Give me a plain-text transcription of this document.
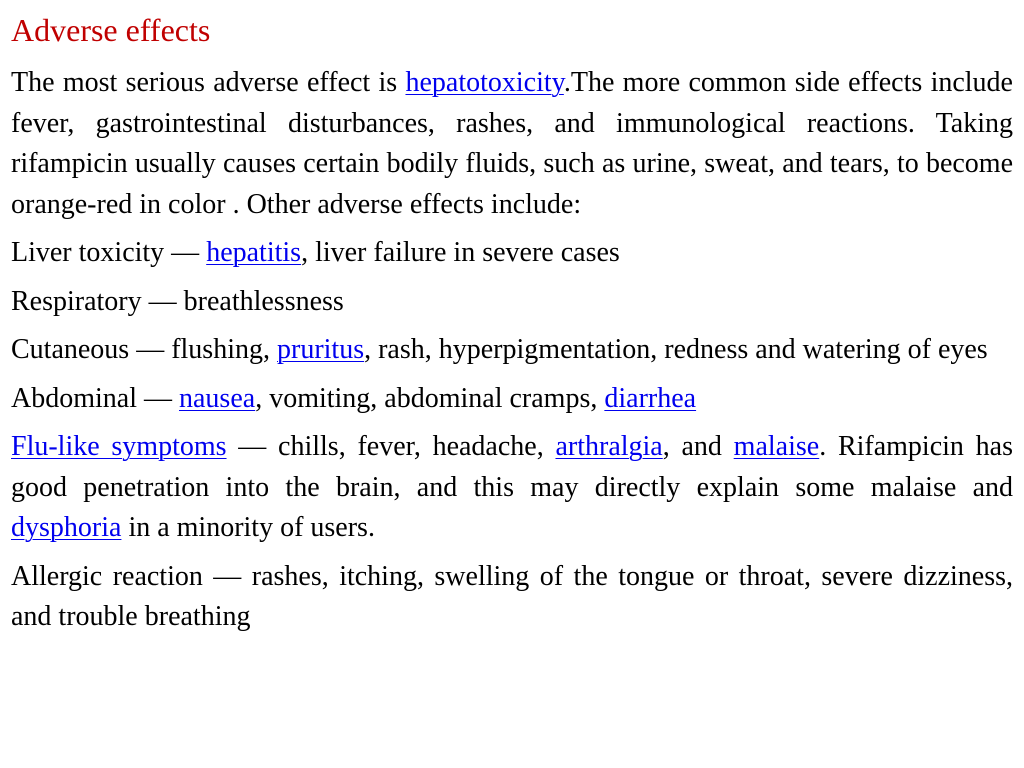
Adverse effects

The most serious adverse effect is hepatotoxicity.The more common side effects include fever, gastrointestinal disturbances, rashes, and immunological reactions. Taking rifampicin usually causes certain bodily fluids, such as urine, sweat, and tears, to become orange-red in color . Other adverse effects include:

Liver toxicity — hepatitis, liver failure in severe cases

Respiratory — breathlessness

Cutaneous — flushing, pruritus, rash, hyperpigmentation, redness and watering of eyes

Abdominal — nausea, vomiting, abdominal cramps, diarrhea

Flu-like symptoms — chills, fever, headache, arthralgia, and malaise. Rifampicin has good penetration into the brain, and this may directly explain some malaise and dysphoria in a minority of users.

Allergic reaction — rashes, itching, swelling of the tongue or throat, severe dizziness, and trouble breathing
